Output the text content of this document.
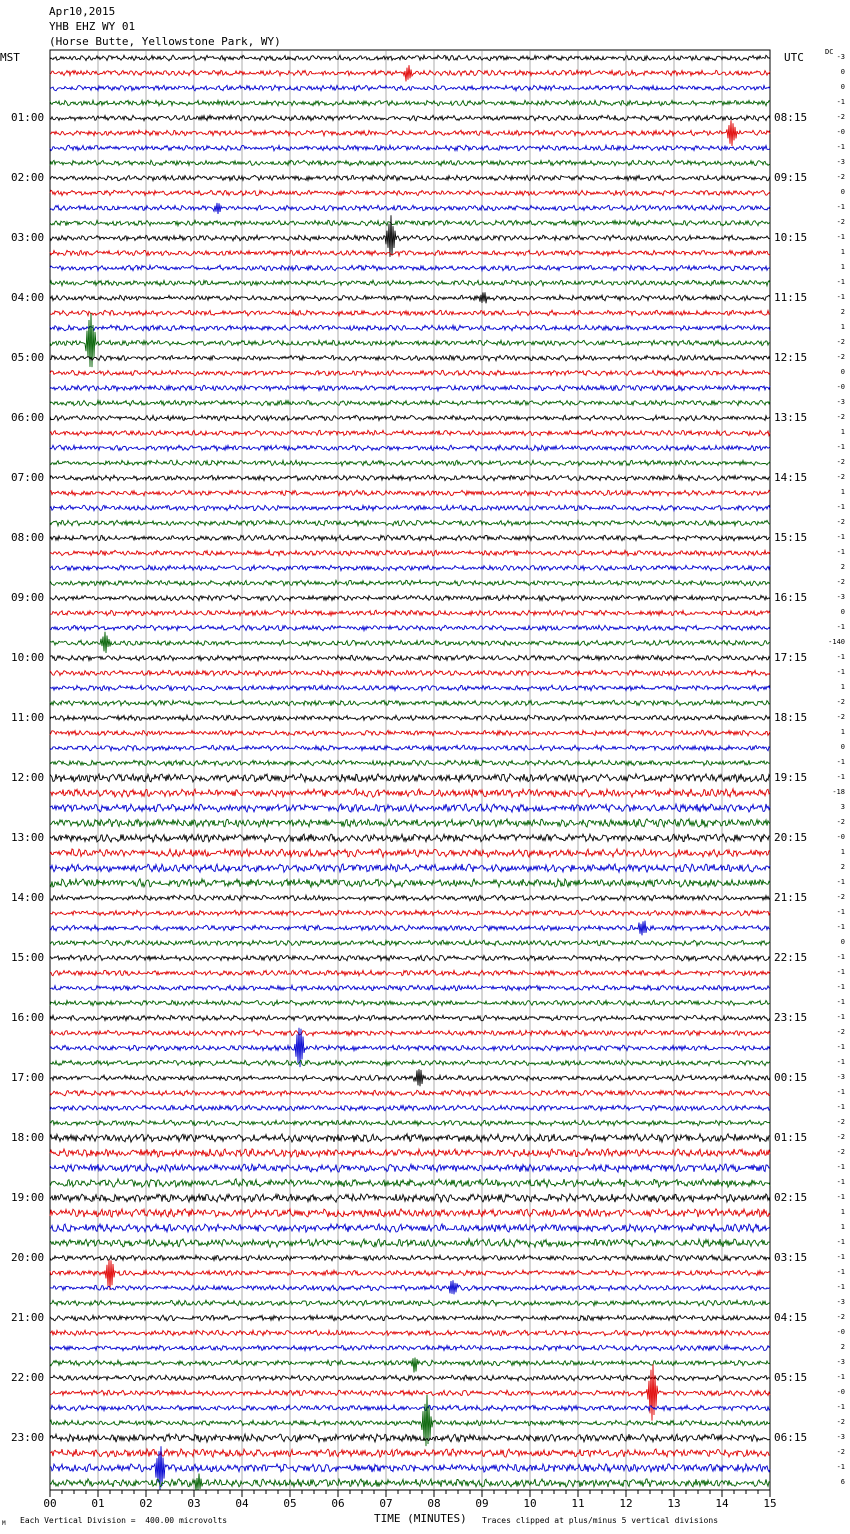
Apr10,2015
YHB EHZ WY 01
(Horse Butte, Yellowstone Park, WY)
MST	UTC	DC
01:00
02:00
03:00
04:00
05:00
06:00
07:00
08:00
09:00
10:00
11:00
12:00
13:00
14:00
15:00
16:00
17:00
18:00
19:00
20:00
21:00
22:00
23:00
08:15
09:15
10:15
11:15
12:15
13:15
14:15
15:15
16:15
17:15
18:15
19:15
20:15
21:15
22:15
23:15
00:15
01:15
02:15
03:15
04:15
05:15
06:15
-3
0
0
-1
-2
-0
-1
-3
-2
0
-1
-2
-1
1
1
-1
-1
2
1
-2
-2
0
-0
-3
-2
1
-1
-2
-2
1
-1
-2
-1
-1
2
-2
-3
0
-1
-140
-1
-1
1
-2
-2
1
0
-1
-1
-18
3
-2
-0
1
2
-1
-2
-1
-1
0
-1
-1
-1
-1
-1
-2
-1
-1
-3
-1
-1
-2
-2
-2
-1
-1
-1
1
1
-1
-1
-1
-1
-3
-2
-0
2
-3
-1
-0
-1
-2
-3
-2
-1
6
00	01	02	03	04	05	06	07	08	09	10	11	12	13	14	15
TIME (MINUTES)
Each Vertical Division =  400.00 microvolts	Traces clipped at plus/minus 5 vertical divisions
M
